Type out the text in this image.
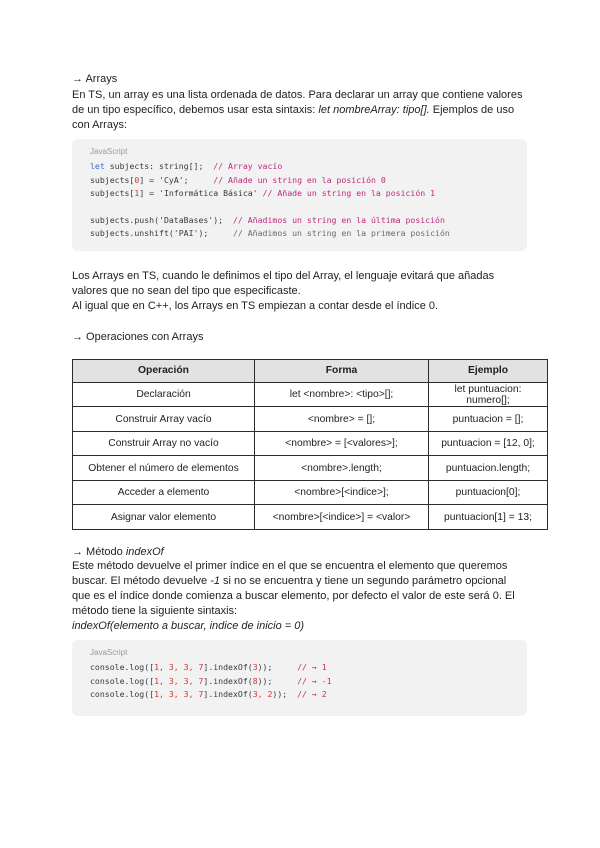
→ Arrays

En TS, un array es una lista ordenada de datos. Para declarar un array que contiene valores de un tipo específico, debemos usar esta sintaxis: let nombreArray: tipo[]. Ejemplos de uso con Arrays:

JavaScript
let subjects: string[];  // Array vacío
subjects[0] = 'CyA';     // Añade un string en la posición 0
subjects[1] = 'Informática Básica' // Añade un string en la posición 1
subjects.push('DataBases');  // Añadimos un string en la última posición
subjects.unshift('PAI');     // Añadimos un string en la primera posición

Los Arrays en TS, cuando le definimos el tipo del Array, el lenguaje evitará que añadas valores que no sean del tipo que especificaste.

Al igual que en C++, los Arrays en TS empiezan a contar desde el índice 0.

→ Operaciones con Arrays

Operación	Forma	Ejemplo
Declaración	let <nombre>: <tipo>[];	let puntuacion: numero[];
Construir Array vacío	<nombre> = [];	puntuacion = [];
Construir Array no vacío	<nombre> = [<valores>];	puntuacion = [12, 0];
Obtener el número de elementos	<nombre>.length;	puntuacion.length;
Acceder a elemento	<nombre>[<indice>];	puntuacion[0];
Asignar valor elemento	<nombre>[<indice>] = <valor>	puntuacion[1] = 13;

→ Método indexOf

Este método devuelve el primer índice en el que se encuentra el elemento que queremos buscar. El método devuelve -1 si no se encuentra y tiene un segundo parámetro opcional que es el índice donde comienza a buscar elemento, por defecto el valor de este será 0. El método tiene la siguiente sintaxis:

indexOf(elemento a buscar, indice de inicio = 0)

JavaScript
console.log([1, 3, 3, 7].indexOf(3));     // → 1
console.log([1, 3, 3, 7].indexOf(8));     // → -1
console.log([1, 3, 3, 7].indexOf(3, 2));  // → 2
